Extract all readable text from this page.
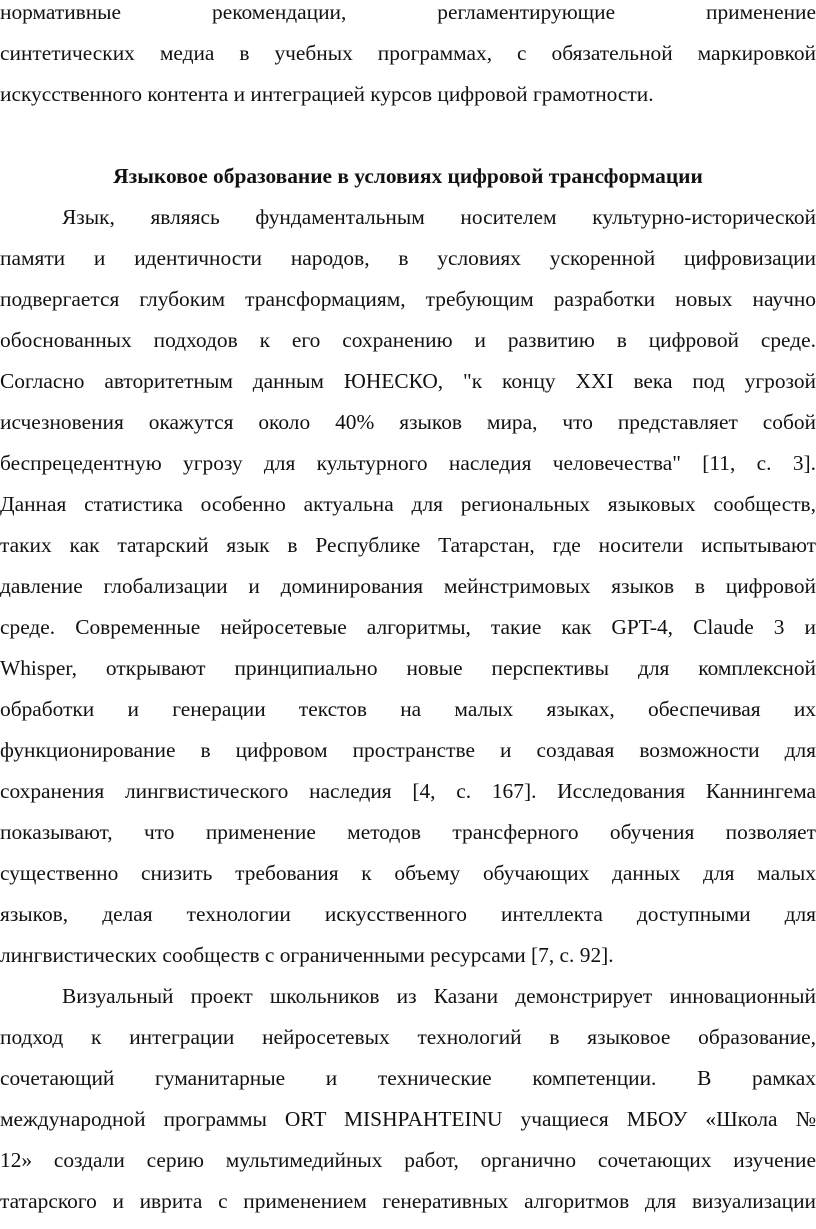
нормативные рекомендации, регламентирующие применение
синтетических медиа в учебных программах, с обязательной маркировкой
искусственного контента и интеграцией курсов цифровой грамотности.
Языковое образование в условиях цифровой трансформации
Язык, являясь фундаментальным носителем культурно-исторической
памяти и идентичности народов, в условиях ускоренной цифровизации
подвергается глубоким трансформациям, требующим разработки новых научно
обоснованных подходов к его сохранению и развитию в цифровой среде.
Согласно авторитетным данным ЮНЕСКО, "к концу XXI века под угрозой
исчезновения окажутся около 40% языков мира, что представляет собой
беспрецедентную угрозу для культурного наследия человечества" [11, с. 3].
Данная статистика особенно актуальна для региональных языковых сообществ,
таких как татарский язык в Республике Татарстан, где носители испытывают
давление глобализации и доминирования мейнстримовых языков в цифровой
среде. Современные нейросетевые алгоритмы, такие как GPT-4, Claude 3 и
Whisper, открывают принципиально новые перспективы для комплексной
обработки и генерации текстов на малых языках, обеспечивая их
функционирование в цифровом пространстве и создавая возможности для
сохранения лингвистического наследия [4, с. 167]. Исследования Каннингема
показывают, что применение методов трансферного обучения позволяет
существенно снизить требования к объему обучающих данных для малых
языков, делая технологии искусственного интеллекта доступными для
лингвистических сообществ с ограниченными ресурсами [7, с. 92].
Визуальный проект школьников из Казани демонстрирует инновационный
подход к интеграции нейросетевых технологий в языковое образование,
сочетающий гуманитарные и технические компетенции. В рамках
международной программы ORT MISHPAHTEINU учащиеся МБОУ «Школа №
12» создали серию мультимедийных работ, органично сочетающих изучение
татарского и иврита с применением генеративных алгоритмов для визуализации
